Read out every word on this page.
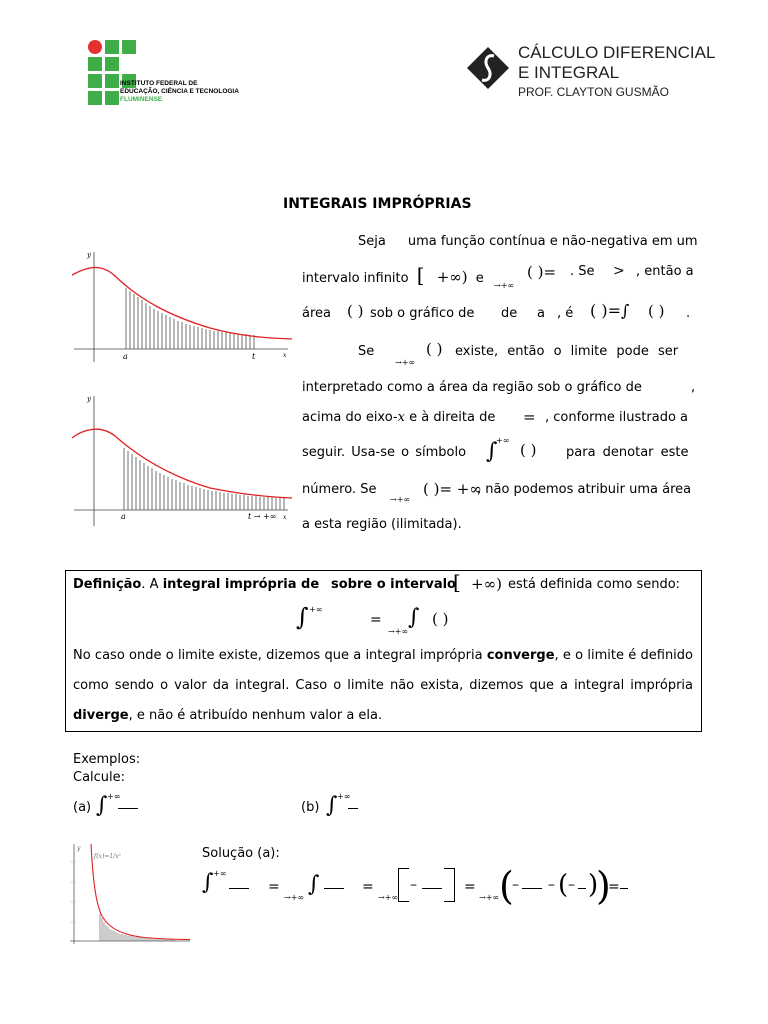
INSTITUTO FEDERAL DE
EDUCAÇÃO, CIÊNCIA E TECNOLOGIA
FLUMINENSE
CÁLCULO DIFERENCIAL
E INTEGRAL
PROF. CLAYTON GUSMÃO
INTEGRAIS IMPRÓPRIAS
y
a	t	x
y
a	t → +∞ x
Seja uma função contínua e não-negativa em um
intervalo infinito [ +∞) e →+∞
( )= . Se > , então a
área ( ) sob o gráfico de de a , é ( )=∫ ( ) .
Se
→+∞
( ) existe, então o limite pode ser
interpretado como a área da região sob o gráfico de	,
acima do eixo-x e à direita de = , conforme ilustrado a
seguir. Usa-se o símbolo ∫
+∞
( ) para denotar este
número. Se
→+∞
( )= +∞
, não podemos atribuir uma área
a esta região (ilimitada).
Definição. A integral imprópria de sobre o intervalo
[ +∞) está definida como sendo:
∫ +∞
=
→+∞
∫ ( )
No caso onde o limite existe, dizemos que a integral imprópria converge, e o limite é definido como sendo o valor da integral. Caso o limite não exista, dizemos que a integral imprópria diverge, e não é atribuído nenhum valor a ela.
Exemplos:
Calcule:
(a) ∫ +∞
(b) ∫ +∞
y
f(x)=1/x²	Solução (a):
∫ +∞
=
→+∞
∫	=
→+∞
–	=
→+∞ (
– – ( – )
)
=
